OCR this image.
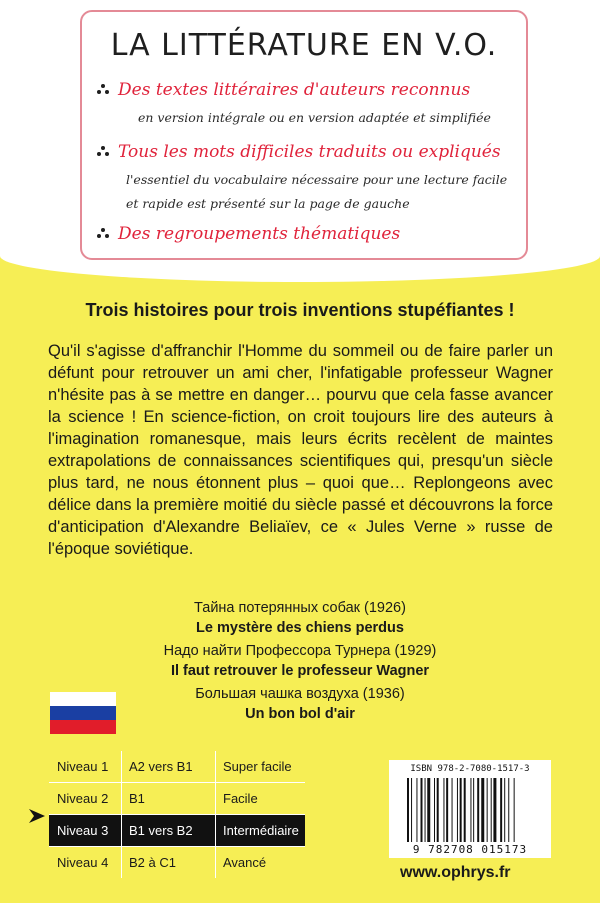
LA LITTÉRATURE EN V.O.
Des textes littéraires d'auteurs reconnus
en version intégrale ou en version adaptée et simplifiée
Tous les mots difficiles traduits ou expliqués
l'essentiel du vocabulaire nécessaire pour une lecture facile
et rapide est présenté sur la page de gauche
Des regroupements thématiques
Trois histoires pour trois inventions stupéfiantes !

Qu'il s'agisse d'affranchir l'Homme du sommeil ou de faire parler un défunt pour retrouver un ami cher, l'infatigable professeur Wagner n'hésite pas à se mettre en danger… pourvu que cela fasse avancer la science ! En science-fiction, on croit toujours lire des auteurs à l'imagination romanesque, mais leurs écrits recèlent de maintes extrapolations de connaissances scientifiques qui, presqu'un siècle plus tard, ne nous étonnent plus – quoi que… Replongeons avec délice dans la première moitié du siècle passé et découvrons la force d'anticipation d'Alexandre Beliaïev, ce « Jules Verne » russe de l'époque soviétique.

Тайна потерянных собак (1926)
Le mystère des chiens perdus
Надо найти Профессора Турнера (1929)
Il faut retrouver le professeur Wagner
Большая чашка воздуха (1936)
Un bon bol d'air
Niveau 1 A2 vers B1 Super facile
Niveau 2 B1	Facile
Niveau 3 B1 vers B2 Intermédiaire
Niveau 4 B2 à C1	Avancé
ISBN 978-2-7080-1517-3
9 782708 015173
www.ophrys.fr
